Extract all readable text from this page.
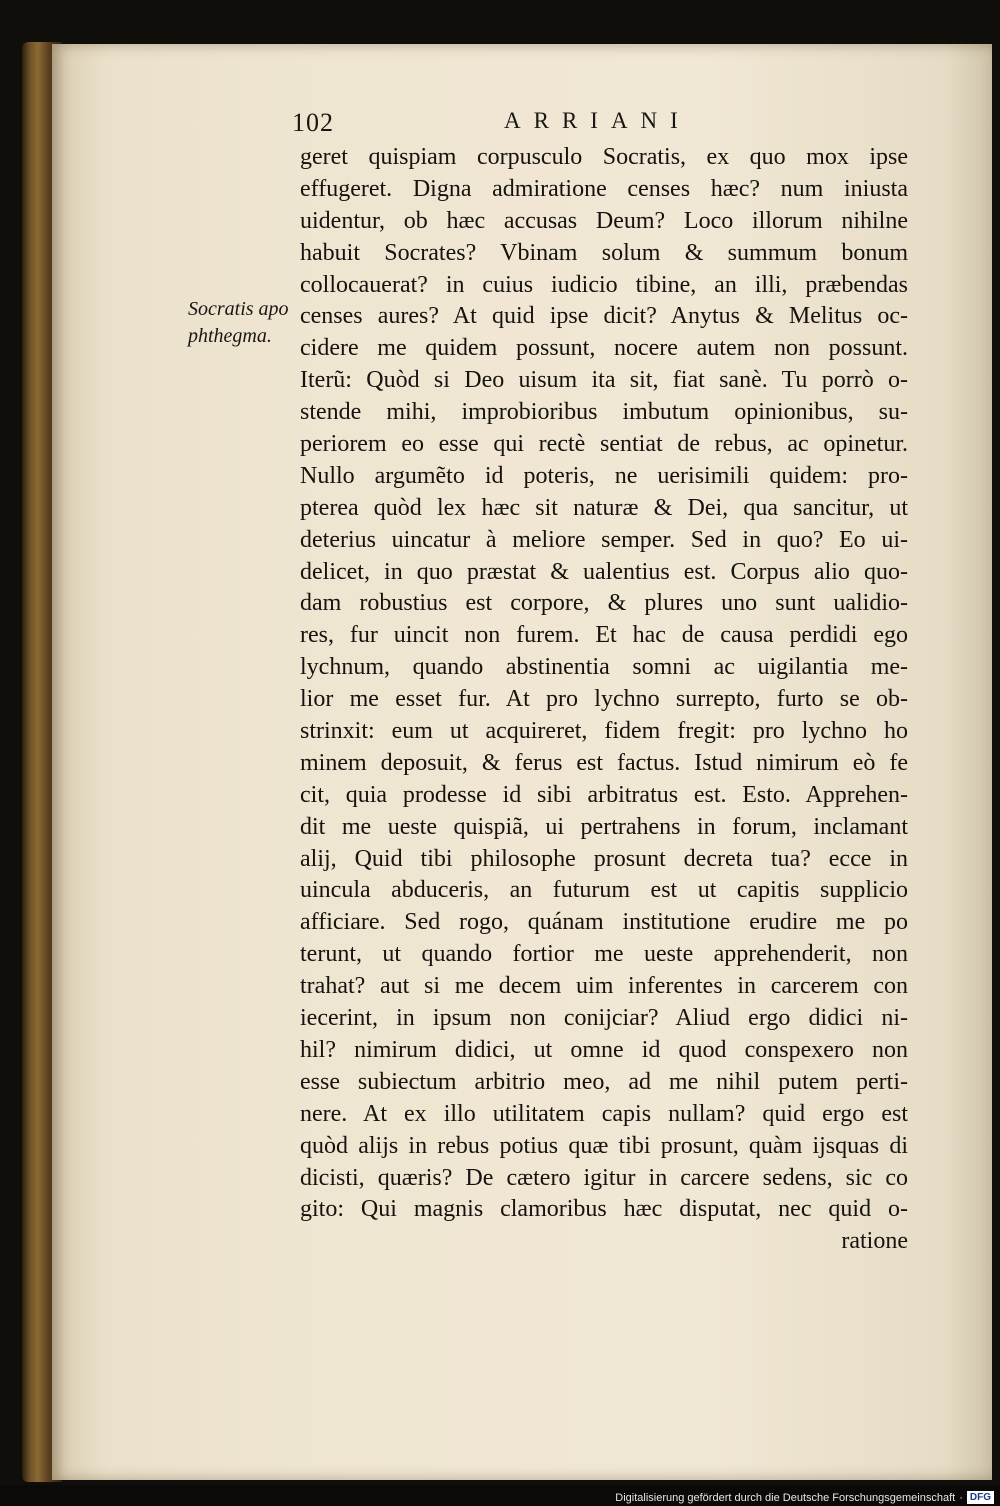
102	ARRIANI
Socratis apo
phthegma.
geret quispiam corpusculo Socratis, ex quo mox ipse
effugeret. Digna admiratione censes hæc? num iniusta
uidentur, ob hæc accusas Deum? Loco illorum nihilne
habuit Socrates? Vbinam solum & summum bonum
collocauerat? in cuius iudicio tibine, an illi, præbendas
censes aures? At quid ipse dicit? Anytus & Melitus oc-
cidere me quidem possunt, nocere autem non possunt.
Iterũ: Quòd si Deo uisum ita sit, fiat sanè. Tu porrò o-
stende mihi, improbioribus imbutum opinionibus, su-
periorem eo esse qui rectè sentiat de rebus, ac opinetur.
Nullo argumẽto id poteris, ne uerisimili quidem: pro-
pterea quòd lex hæc sit naturæ & Dei, qua sancitur, ut
deterius uincatur à meliore semper. Sed in quo? Eo ui-
delicet, in quo præstat & ualentius est. Corpus alio quo-
dam robustius est corpore, & plures uno sunt ualidio-
res, fur uincit non furem. Et hac de causa perdidi ego
lychnum, quando abstinentia somni ac uigilantia me-
lior me esset fur. At pro lychno surrepto, furto se ob-
strinxit: eum ut acquireret, fidem fregit: pro lychno ho
minem deposuit, & ferus est factus. Istud nimirum eò fe
cit, quia prodesse id sibi arbitratus est. Esto. Apprehen-
dit me ueste quispiã, ui pertrahens in forum, inclamant
alij, Quid tibi philosophe prosunt decreta tua? ecce in
uincula abduceris, an futurum est ut capitis supplicio
afficiare. Sed rogo, quánam institutione erudire me po
terunt, ut quando fortior me ueste apprehenderit, non
trahat? aut si me decem uim inferentes in carcerem con
iecerint, in ipsum non conijciar? Aliud ergo didici ni-
hil? nimirum didici, ut omne id quod conspexero non
esse subiectum arbitrio meo, ad me nihil putem perti-
nere. At ex illo utilitatem capis nullam? quid ergo est
quòd alijs in rebus potius quæ tibi prosunt, quàm ijsquas di
dicisti, quæris? De cætero igitur in carcere sedens, sic co
gito: Qui magnis clamoribus hæc disputat, nec quid o-
ratione
Digitalisierung gefördert durch die Deutsche Forschungsgemeinschaft · DFG
